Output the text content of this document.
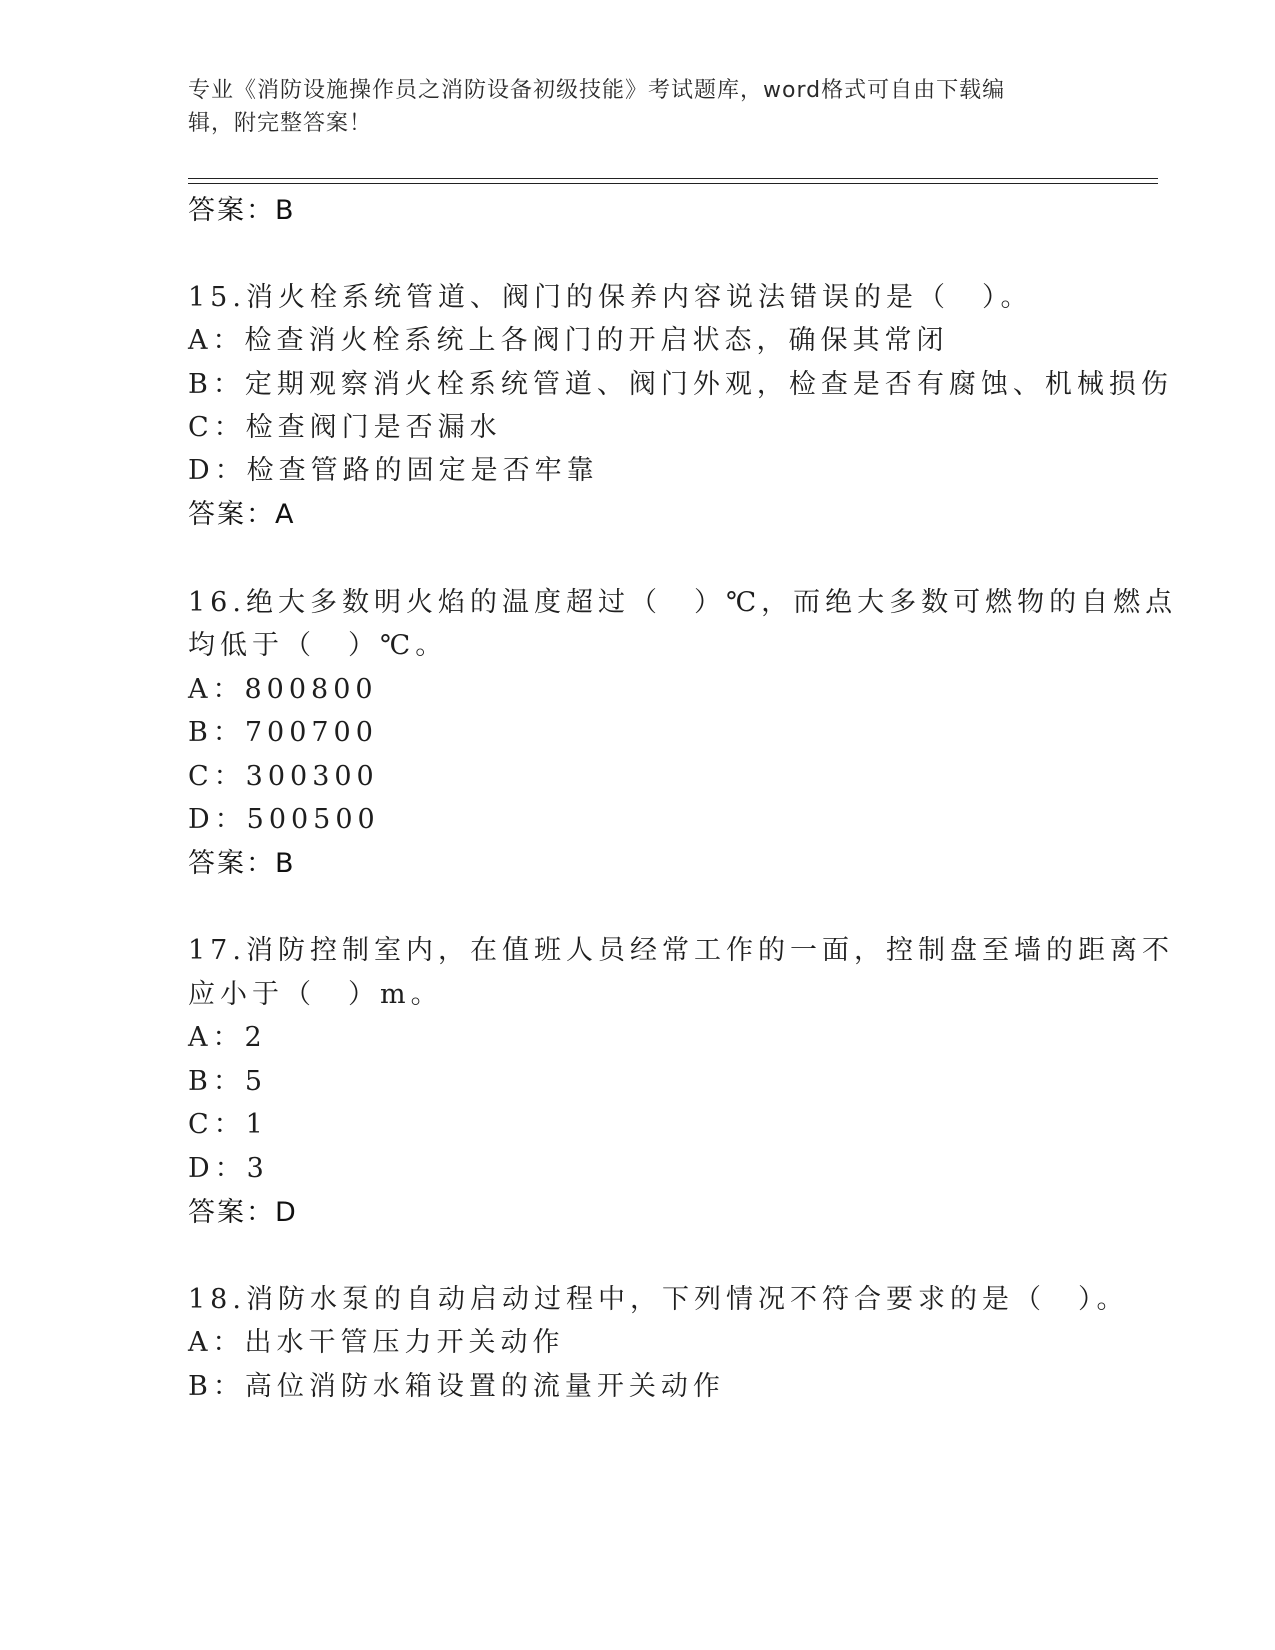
专业《消防设施操作员之消防设备初级技能》考试题库，word格式可自由下载编
辑，附完整答案！
答案：B
15.消火栓系统管道、阀门的保养内容说法错误的是（　）。
A：检查消火栓系统上各阀门的开启状态，确保其常闭
B：定期观察消火栓系统管道、阀门外观，检查是否有腐蚀、机械损伤
C：检查阀门是否漏水
D：检查管路的固定是否牢靠
答案：A
16.绝大多数明火焰的温度超过（　）℃，而绝大多数可燃物的自燃点
均低于（　）℃。
A：800800
B：700700
C：300300
D：500500
答案：B
17.消防控制室内，在值班人员经常工作的一面，控制盘至墙的距离不
应小于（　）m。
A：2
B：5
C：1
D：3
答案：D
18.消防水泵的自动启动过程中，下列情况不符合要求的是（　）。
A：出水干管压力开关动作
B：高位消防水箱设置的流量开关动作
